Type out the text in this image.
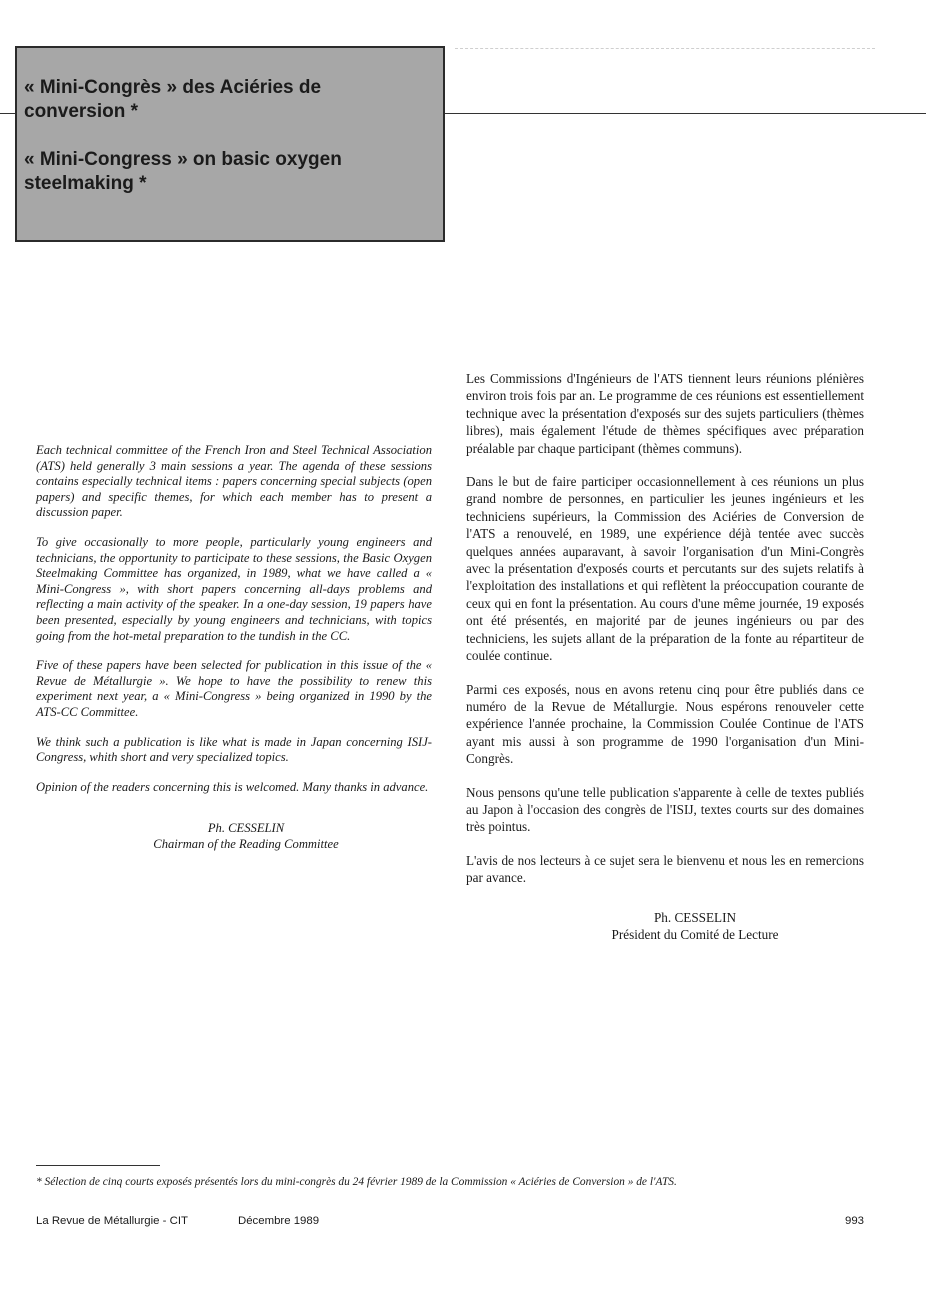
« Mini-Congrès » des Aciéries de conversion *
« Mini-Congress » on basic oxygen steelmaking *

Each technical committee of the French Iron and Steel Technical Association (ATS) held generally 3 main sessions a year. The agenda of these sessions contains especially technical items : papers concerning special subjects (open papers) and specific themes, for which each member has to present a discussion paper.

To give occasionally to more people, particularly young engineers and technicians, the opportunity to participate to these sessions, the Basic Oxygen Steelmaking Committee has organized, in 1989, what we have called a « Mini-Congress », with short papers concerning all-days problems and reflecting a main activity of the speaker. In a one-day session, 19 papers have been presented, especially by young engineers and technicians, with topics going from the hot-metal preparation to the tundish in the CC.

Five of these papers have been selected for publication in this issue of the « Revue de Métallurgie ». We hope to have the possibility to renew this experiment next year, a « Mini-Congress » being organized in 1990 by the ATS-CC Committee.

We think such a publication is like what is made in Japan concerning ISIJ-Congress, whith short and very specialized topics.

Opinion of the readers concerning this is welcomed. Many thanks in advance.

Ph. CESSELIN
Chairman of the Reading Committee

Les Commissions d'Ingénieurs de l'ATS tiennent leurs réunions plénières environ trois fois par an. Le programme de ces réunions est essentiellement technique avec la présentation d'exposés sur des sujets particuliers (thèmes libres), mais également l'étude de thèmes spécifiques avec préparation préalable par chaque participant (thèmes communs).

Dans le but de faire participer occasionnellement à ces réunions un plus grand nombre de personnes, en particulier les jeunes ingénieurs et les techniciens supérieurs, la Commission des Aciéries de Conversion de l'ATS a renouvelé, en 1989, une expérience déjà tentée avec succès quelques années auparavant, à savoir l'organisation d'un Mini-Congrès avec la présentation d'exposés courts et percutants sur des sujets relatifs à l'exploitation des installations et qui reflètent la préoccupation courante de ceux qui en font la présentation. Au cours d'une même journée, 19 exposés ont été présentés, en majorité par de jeunes ingénieurs ou par des techniciens, les sujets allant de la préparation de la fonte au répartiteur de coulée continue.

Parmi ces exposés, nous en avons retenu cinq pour être publiés dans ce numéro de la Revue de Métallurgie. Nous espérons renouveler cette expérience l'année prochaine, la Commission Coulée Continue de l'ATS ayant mis aussi à son programme de 1990 l'organisation d'un Mini-Congrès.

Nous pensons qu'une telle publication s'apparente à celle de textes publiés au Japon à l'occasion des congrès de l'ISIJ, textes courts sur des domaines très pointus.

L'avis de nos lecteurs à ce sujet sera le bienvenu et nous les en remercions par avance.

Ph. CESSELIN
Président du Comité de Lecture
* Sélection de cinq courts exposés présentés lors du mini-congrès du 24 février 1989 de la Commission « Aciéries de Conversion » de l'ATS.
La Revue de Métallurgie - CIT	Décembre 1989	993
